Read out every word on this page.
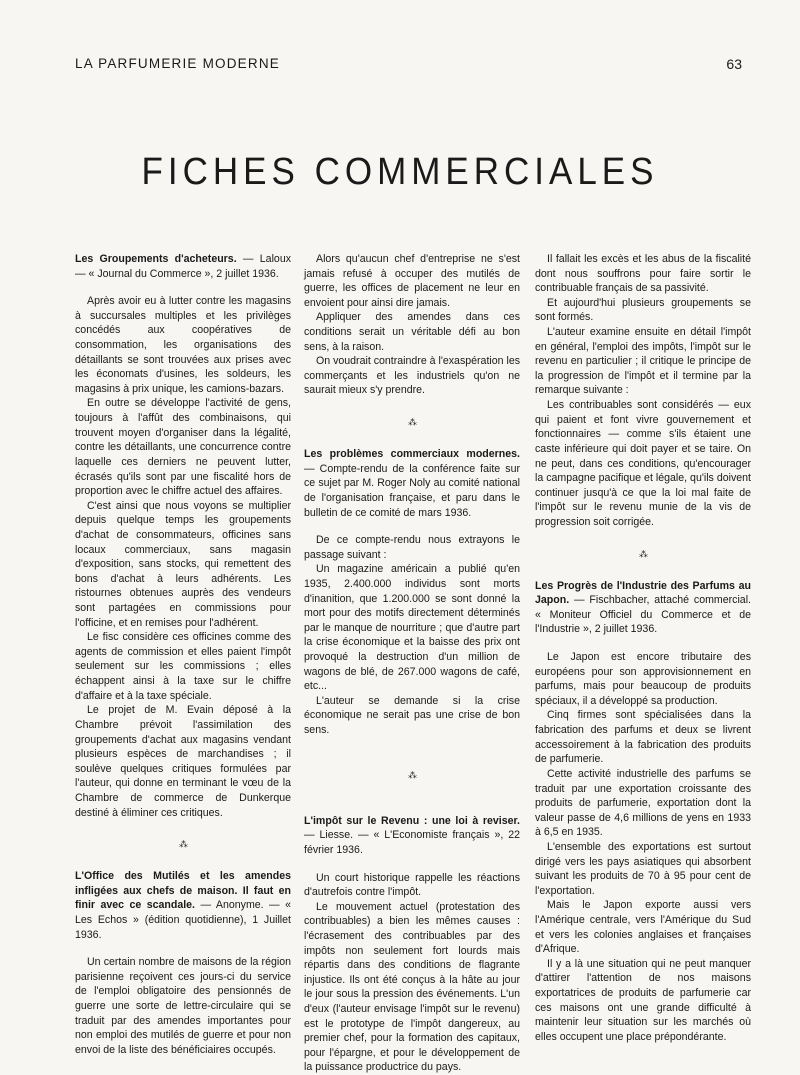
LA PARFUMERIE MODERNE	63
FICHES COMMERCIALES

Les Groupements d'acheteurs. — Laloux — « Journal du Commerce », 2 juillet 1936.

Après avoir eu à lutter contre les magasins à succursales multiples et les privilèges concédés aux coopératives de consommation, les organisations des détaillants se sont trouvées aux prises avec les économats d'usines, les soldeurs, les magasins à prix unique, les camions-bazars.

En outre se développe l'activité de gens, toujours à l'affût des combinaisons, qui trouvent moyen d'organiser dans la légalité, contre les détaillants, une concurrence contre laquelle ces derniers ne peuvent lutter, écrasés qu'ils sont par une fiscalité hors de proportion avec le chiffre actuel des affaires.

C'est ainsi que nous voyons se multiplier depuis quelque temps les groupements d'achat de consommateurs, officines sans locaux commerciaux, sans magasin d'exposition, sans stocks, qui remettent des bons d'achat à leurs adhérents. Les ristournes obtenues auprès des vendeurs sont partagées en commissions pour l'officine, et en remises pour l'adhérent.

Le fisc considère ces officines comme des agents de commission et elles paient l'impôt seulement sur les commissions ; elles échappent ainsi à la taxe sur le chiffre d'affaire et à la taxe spéciale.

Le projet de M. Evain déposé à la Chambre prévoit l'assimilation des groupements d'achat aux magasins vendant plusieurs espèces de marchandises ; il soulève quelques critiques formulées par l'auteur, qui donne en terminant le vœu de la Chambre de commerce de Dunkerque destiné à éliminer ces critiques.

⁂

L'Office des Mutilés et les amendes infligées aux chefs de maison. Il faut en finir avec ce scandale. — Anonyme. — « Les Echos » (édition quotidienne), 1 Juillet 1936.

Un certain nombre de maisons de la région parisienne reçoivent ces jours-ci du service de l'emploi obligatoire des pensionnés de guerre une sorte de lettre-circulaire qui se traduit par des amendes importantes pour non emploi des mutilés de guerre et pour non envoi de la liste des bénéficiaires occupés.

Alors qu'aucun chef d'entreprise ne s'est jamais refusé à occuper des mutilés de guerre, les offices de placement ne leur en envoient pour ainsi dire jamais.

Appliquer des amendes dans ces conditions serait un véritable défi au bon sens, à la raison.

On voudrait contraindre à l'exaspération les commerçants et les industriels qu'on ne saurait mieux s'y prendre.

⁂

Les problèmes commerciaux modernes. — Compte-rendu de la conférence faite sur ce sujet par M. Roger Noly au comité national de l'organisation française, et paru dans le bulletin de ce comité de mars 1936.

De ce compte-rendu nous extrayons le passage suivant :

Un magazine américain a publié qu'en 1935, 2.400.000 individus sont morts d'inanition, que 1.200.000 se sont donné la mort pour des motifs directement déterminés par le manque de nourriture ; que d'autre part la crise économique et la baisse des prix ont provoqué la destruction d'un million de wagons de blé, de 267.000 wagons de café, etc...

L'auteur se demande si la crise économique ne serait pas une crise de bon sens.

⁂

L'impôt sur le Revenu : une loi à reviser. — Liesse. — « L'Economiste français », 22 février 1936.

Un court historique rappelle les réactions d'autrefois contre l'impôt.

Le mouvement actuel (protestation des contribuables) a bien les mêmes causes : l'écrasement des contribuables par des impôts non seulement fort lourds mais répartis dans des conditions de flagrante injustice. Ils ont été conçus à la hâte au jour le jour sous la pression des événements. L'un d'eux (l'auteur envisage l'impôt sur le revenu) est le prototype de l'impôt dangereux, au premier chef, pour la formation des capitaux, pour l'épargne, et pour le développement de la puissance productrice du pays.

Il fallait les excès et les abus de la fiscalité dont nous souffrons pour faire sortir le contribuable français de sa passivité.

Et aujourd'hui plusieurs groupements se sont formés.

L'auteur examine ensuite en détail l'impôt en général, l'emploi des impôts, l'impôt sur le revenu en particulier ; il critique le principe de la progression de l'impôt et il termine par la remarque suivante :

Les contribuables sont considérés — eux qui paient et font vivre gouvernement et fonctionnaires — comme s'ils étaient une caste inférieure qui doit payer et se taire. On ne peut, dans ces conditions, qu'encourager la campagne pacifique et légale, qu'ils doivent continuer jusqu'à ce que la loi mal faite de l'impôt sur le revenu munie de la vis de progression soit corrigée.

⁂

Les Progrès de l'Industrie des Parfums au Japon. — Fischbacher, attaché commercial. « Moniteur Officiel du Commerce et de l'Industrie », 2 juillet 1936.

Le Japon est encore tributaire des européens pour son approvisionnement en parfums, mais pour beaucoup de produits spéciaux, il a développé sa production.

Cinq firmes sont spécialisées dans la fabrication des parfums et deux se livrent accessoirement à la fabrication des produits de parfumerie.

Cette activité industrielle des parfums se traduit par une exportation croissante des produits de parfumerie, exportation dont la valeur passe de 4,6 millions de yens en 1933 à 6,5 en 1935.

L'ensemble des exportations est surtout dirigé vers les pays asiatiques qui absorbent suivant les produits de 70 à 95 pour cent de l'exportation.

Mais le Japon exporte aussi vers l'Amérique centrale, vers l'Amérique du Sud et vers les colonies anglaises et françaises d'Afrique.

Il y a là une situation qui ne peut manquer d'attirer l'attention de nos maisons exportatrices de produits de parfumerie car ces maisons ont une grande difficulté à maintenir leur situation sur les marchés où elles occupent une place prépondérante.
